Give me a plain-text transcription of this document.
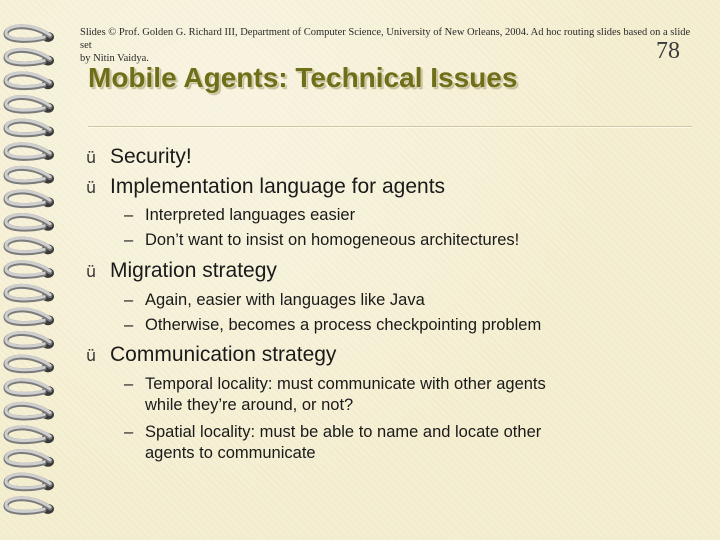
Slides © Prof. Golden G. Richard III, Department of Computer Science, University of New Orleans, 2004. Ad hoc routing slides based on a slide set
by Nitin Vaidya.	78
Mobile Agents: Technical Issues
ü Security!
ü Implementation language for agents
– Interpreted languages easier
– Don’t want to insist on homogeneous architectures!
ü Migration strategy
– Again, easier with languages like Java
– Otherwise, becomes a process checkpointing problem
ü Communication strategy
– Temporal locality: must communicate with other agents
while they’re around, or not?
– Spatial locality: must be able to name and locate other
agents to communicate
